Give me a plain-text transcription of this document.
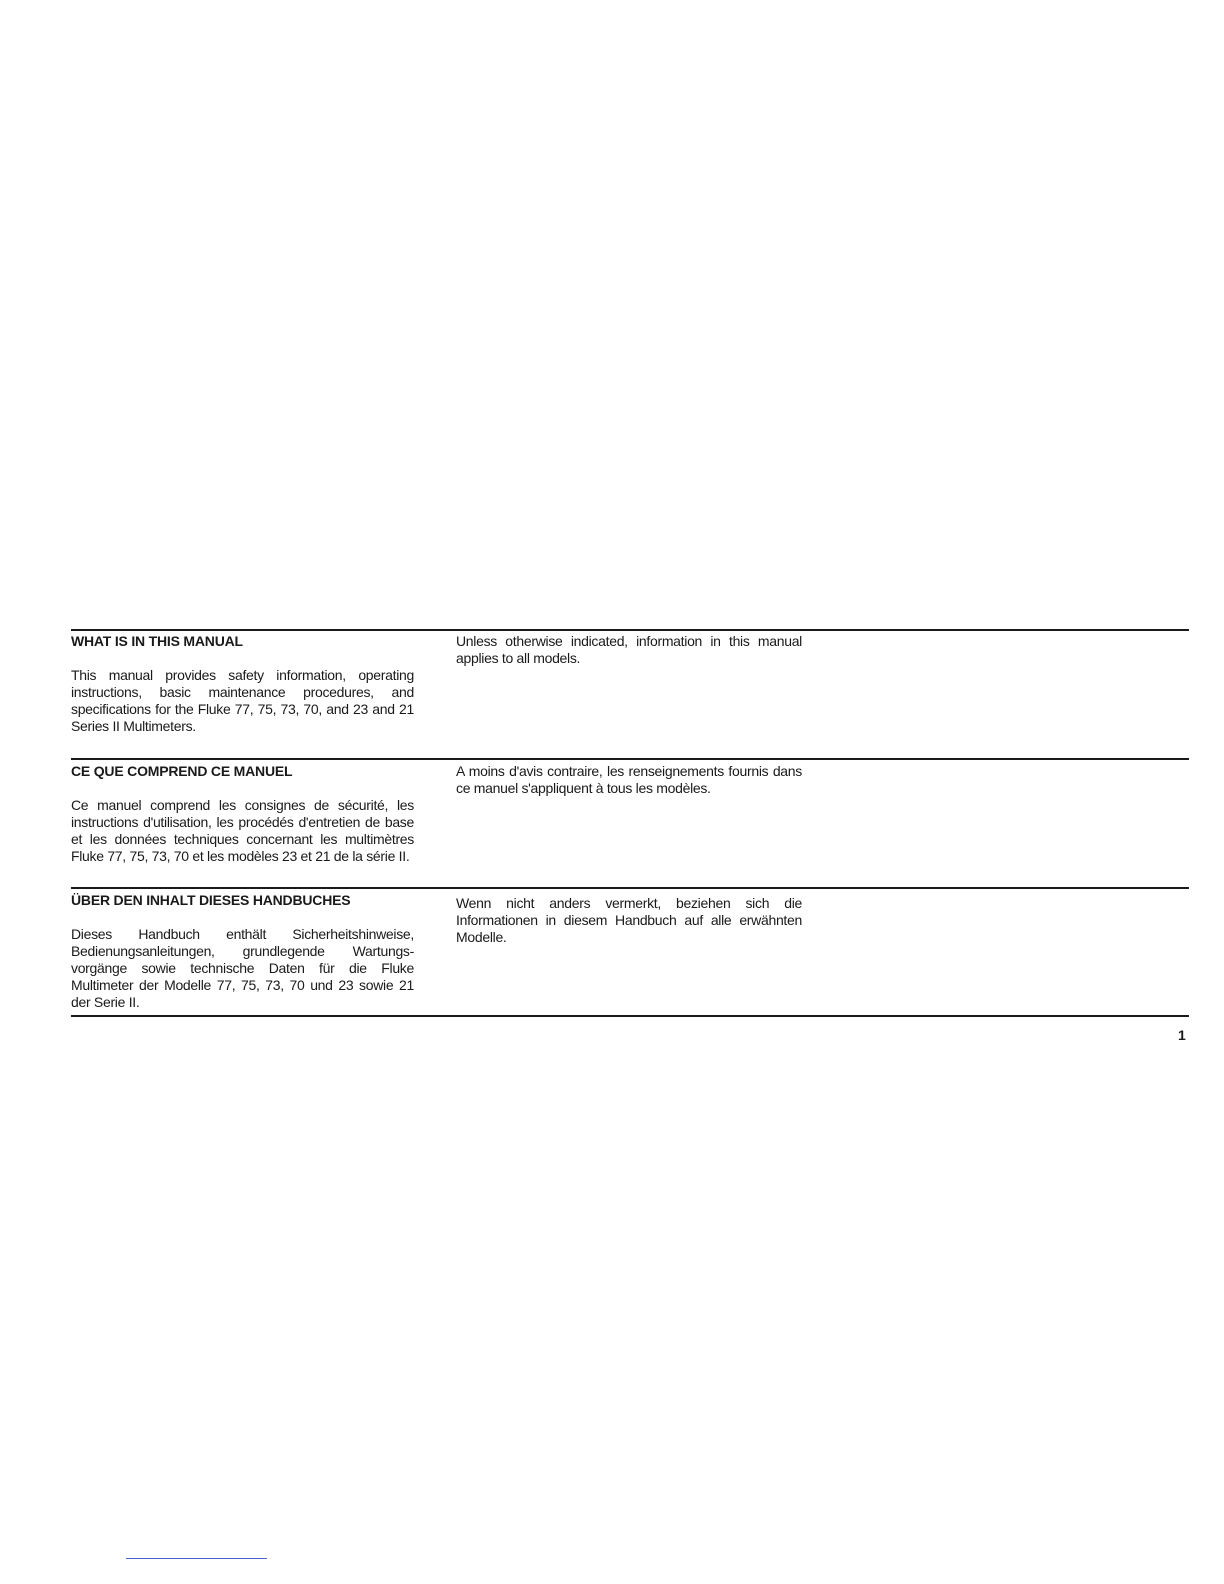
WHAT IS IN THIS MANUAL

This manual provides safety information, operating instructions, basic maintenance procedures, and specifications for the Fluke 77, 75, 73, 70, and 23 and 21 Series II Multimeters.

Unless otherwise indicated, information in this manual applies to all models.

CE QUE COMPREND CE MANUEL

Ce manuel comprend les consignes de sécurité, les instructions d'utilisation, les procédés d'entretien de base et les données techniques concernant les multimètres Fluke 77, 75, 73, 70 et les modèles 23 et 21 de la série II.

A moins d'avis contraire, les renseignements fournis dans ce manuel s'appliquent à tous les modèles.

ÜBER DEN INHALT DIESES HANDBUCHES

Dieses Handbuch enthält Sicherheitshinweise, Bedienungsanleitungen, grundlegende Wartungs-vorgänge sowie technische Daten für die Fluke Multimeter der Modelle 77, 75, 73, 70 und 23 sowie 21 der Serie II.

Wenn nicht anders vermerkt, beziehen sich die Informationen in diesem Handbuch auf alle erwähnten Modelle.

1
